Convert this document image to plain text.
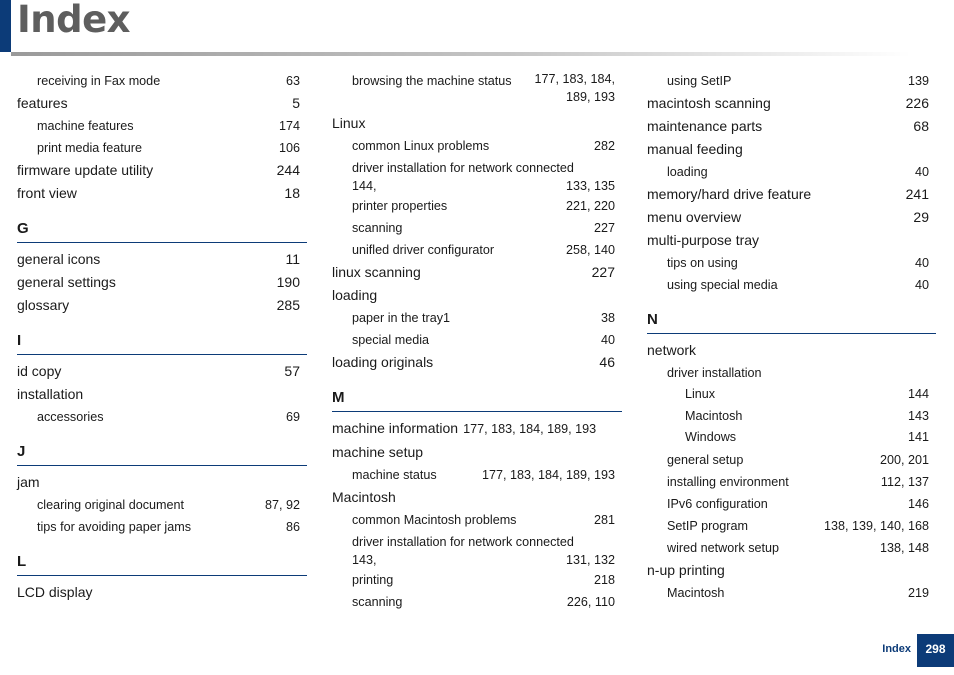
Index
receiving in Fax mode	63
features	5
machine features	174
print media feature	106
firmware update utility	244
front view	18
G
general icons	11
general settings	190
glossary	285
I
id copy	57
installation
accessories	69
J
jam
clearing original document	87, 92
tips for avoiding paper jams	86
L
LCD display
browsing the machine status	177, 183, 184, 189, 193
Linux
common Linux problems	282
driver installation for network connected
144,	133, 135
printer properties	221, 220
scanning	227
unifled driver configurator	258, 140
linux scanning	227
loading
paper in the tray1	38
special media	40
loading originals	46
M
machine information 177, 183, 184, 189, 193
machine setup
machine status	177, 183, 184, 189, 193
Macintosh
common Macintosh problems	281
driver installation for network connected
143,	131, 132
printing	218
scanning	226, 110
using SetIP	139
macintosh scanning	226
maintenance parts	68
manual feeding
loading	40
memory/hard drive feature	241
menu overview	29
multi-purpose tray
tips on using	40
using special media	40
N
network
driver installation
Linux	144
Macintosh	143
Windows	141
general setup	200, 201
installing environment	112, 137
IPv6 configuration	146
SetIP program	138, 139, 140, 168
wired network setup	138, 148
n-up printing
Macintosh	219
Index	298
